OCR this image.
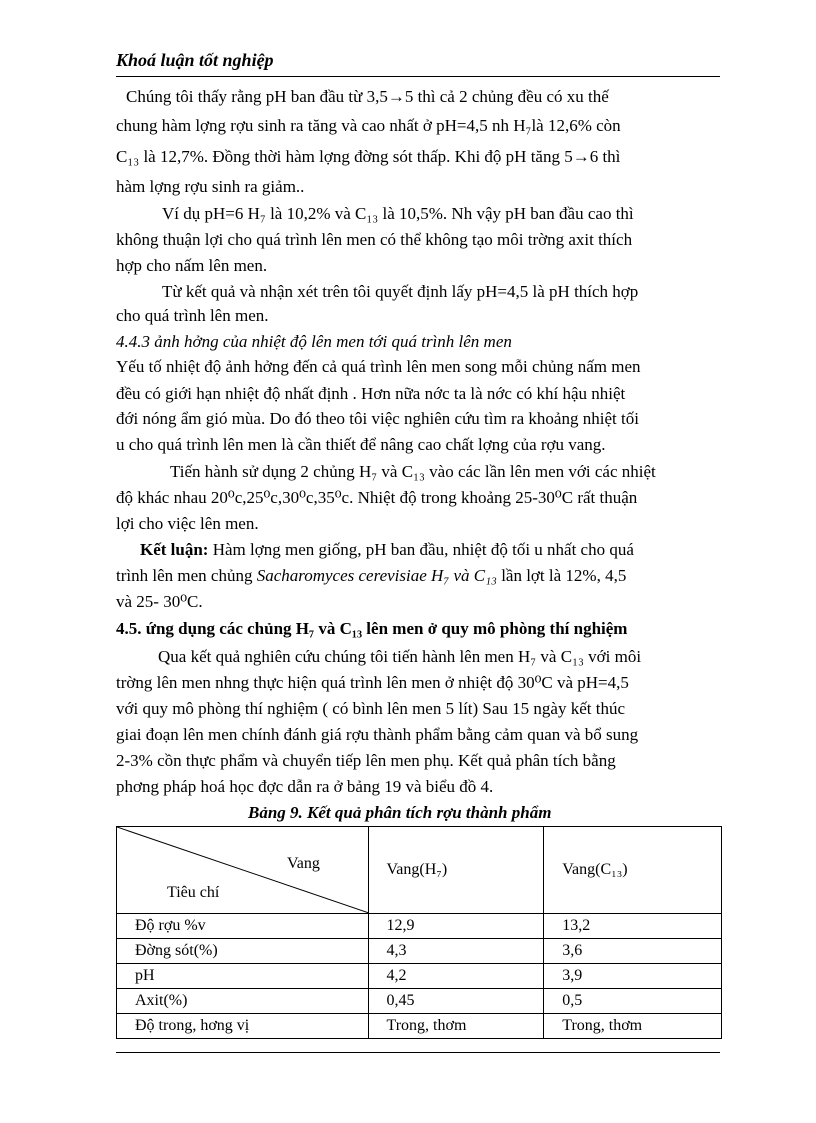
Khoá luận tốt nghiệp
Chúng tôi thấy rằng pH ban đầu từ 3,5→5 thì cả 2 chủng đều có xu thế
chung hàm lợng rợu sinh ra tăng và cao nhất ở pH=4,5 nh H₇là 12,6% còn
C₁₃ là 12,7%. Đồng thời hàm lợng đờng sót thấp. Khi độ pH tăng 5→6 thì
hàm lợng rợu sinh ra giảm..
Ví dụ pH=6 H₇ là 10,2% và C₁₃ là 10,5%. Nh vậy pH ban đầu cao thì
không thuận lợi cho quá trình lên men có thể không tạo môi trờng axit thích
hợp cho nấm lên men.
Từ kết quả và nhận xét trên tôi quyết định lấy pH=4,5 là pH thích hợp
cho quá trình lên men.
4.4.3 ảnh hởng của nhiệt độ lên men tới quá trình lên men
Yếu tố nhiệt độ ảnh hởng đến cả quá trình lên men song mỗi chủng nấm men
đều có giới hạn nhiệt độ nhất định . Hơn nữa nớc ta là nớc có khí hậu nhiệt
đới nóng ẩm gió mùa. Do đó theo tôi việc nghiên cứu tìm ra khoảng nhiệt tối
u cho quá trình lên men là cần thiết để nâng cao chất lợng của rợu vang.
Tiến hành sử dụng 2 chủng H₇ và C₁₃ vào các lần lên men với các nhiệt
độ khác nhau 20⁰c,25⁰c,30⁰c,35⁰c. Nhiệt độ trong khoảng 25-30⁰C rất thuận
lợi cho việc lên men.
Kết luận: Hàm lợng men giống, pH ban đầu, nhiệt độ tối u nhất cho quá
trình lên men chủng Sacharomyces cerevisiae H₇ và C₁₃ lần lợt là 12%, 4,5
và 25- 30⁰C.
4.5. ứng dụng các chủng H₇ và C₁₃ lên men ở quy mô phòng thí nghiệm
Qua kết quả nghiên cứu chúng tôi tiến hành lên men H₇ và C₁₃ với môi
trờng lên men nhng thực hiện quá trình lên men ở nhiệt độ 30⁰C và pH=4,5
với quy mô phòng thí nghiệm ( có bình lên men 5 lít) Sau 15 ngày kết thúc
giai đoạn lên men chính đánh giá rợu thành phẩm bằng cảm quan và bổ sung
2-3% cồn thực phẩm và chuyển tiếp lên men phụ. Kết quả phân tích bằng
phơng pháp hoá học đợc dẫn ra ở bảng 19 và biểu đồ 4.
Bảng 9. Kết quả phân tích rợu thành phẩm
Vang
Tiêu chí	Vang(H₇)	Vang(C₁₃)
Độ rợu %v	12,9	13,2
Đờng sót(%)	4,3	3,6
pH	4,2	3,9
Axit(%)	0,45	0,5
Độ trong, hơng vị	Trong, thơm	Trong, thơm
